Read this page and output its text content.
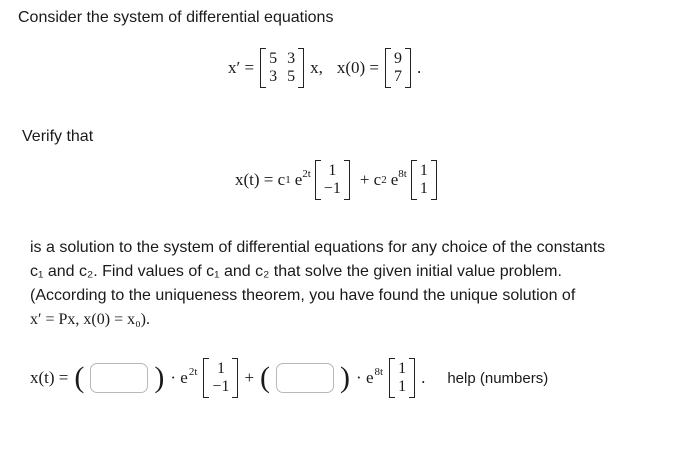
Consider the system of differential equations
x′ = 5 3
3 5 x, x(0) = 9
7 .
Verify that
x(t) = c 1 $e^{2t}$ 1
−1 + c 2 $e^{8t}$ 1
1
is a solution to the system of differential equations for any choice of the constants
c₁ and c₂. Find values of c₁ and c₂ that solve the given initial value problem.
(According to the uniqueness theorem, you have found the unique solution of
x′ = Px, x(0) = x₀).
x(t) = ( ) · $e^{2t}$ 1
−1 + ( ) · $e^{8t}$ 1
1 . help (numbers)
